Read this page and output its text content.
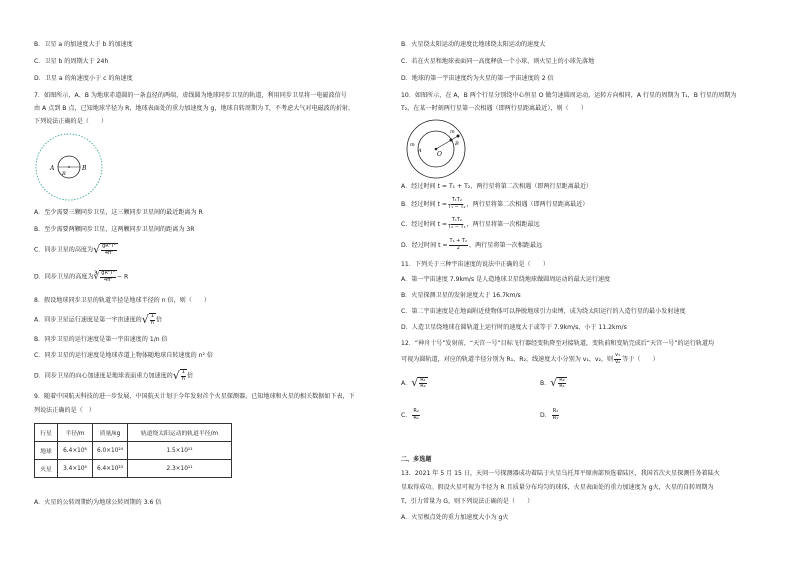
B．卫星 a 的加速度大于 b 的加速度
C．卫星 b 的周期大于 24h
D．卫星 a 的角速度小于 c 的角速度
7．如图所示，A、B 为地球赤道圆的一条直径的两端，虚线圆为地球同步卫星的轨道，利用同步卫星将一电磁波信号
由 A 点到 B 点，已知地球半径为 R，地球表面处的重力加速度为 g，地球自转周期为 T，不考虑大气对电磁波的折射，
下列说法正确的是（　　）
A	B
R
A．至少需要三颗同步卫星，这三颗同步卫星间的最近距离为 R
B．至少需要两颗同步卫星，这两颗同步卫星间的距离为 3R
C．同步卫星的高度为 √ $\frac{\text{gR²T²}}{\text{4π²}}$
D．同步卫星的高度为 ∛ $\frac{\text{gR²T²}}{\text{4π²}} - R$
8．假设地球同步卫星的轨道半径是地球半径的 n 倍，则（　　）
A．同步卫星运行速度是第一宇宙速度的 √ $\frac{1}{n}$ 倍
B．同步卫星的运行速度是第一宇宙速度的 1/n 倍
C．同步卫星的运行速度是地球赤道上物体随地球自转速度的 n² 倍
D．同步卫星的向心加速度是地球表面重力加速度的 √ $\frac{1}{n}$ 倍
9．随着中国航天科技的进一步发展，中国航天计划于今年发射首个火星探测器。已知地球和火星的相关数据如下表，下
列说法正确的是（　）
行星	半径/m	质量/kg	轨道绕太阳运动的轨道半径/m
地球	6.4×10⁶	6.0×10²⁴	1.5×10¹¹
火星	3.4×10⁶	6.4×10²³	2.3×10¹¹
A．火星的公转周期约为地球公转周期的 3.6 倍
B．火星绕太阳运动的速度比地球绕太阳运动的速度大
C．若在火星和地球表面同一高度释放一个小球，则火星上的小球先落地
D．地球的第一宇宙速度约为火星的第一宇宙速度的 2 倍
10．如图所示，在 A，B 两个行星分别绕中心恒星 O 做匀速圆周运动，运转方向相同，A 行星的周期为 T₁，B 行星的周期为
T₂，在某一时刻两行星第一次相遇（即两行星距离最近），则（　　）
O
A
m	B
m
A．经过时间 t = T₁ + T₂，两行星将第二次相遇（即两行星距离最近）
B．经过时间 $t = \frac{\text{T₁T₂}}{\text{T₁ − T₂}}$ ，两行星将第二次相遇（即两行星距离最近）
C．经过时间 $t = \frac{\text{T₁T₂}}{\text{T₂ − T₁}}$ ，两行星将第一次相距最远
D．经过时间 $t = \frac{\text{T₁ + T₂}}{2}$ ，两行星将第一次相距最远
11．下列关于三种宇宙速度的说法中正确的是（　　）
A．第一宇宙速度 7.9km/s 是人造地球卫星绕地球做圆周运动的最大运行速度
B．火星探测卫星的发射速度大于 16.7km/s
C．第二宇宙速度是在地面附近使物体可以挣脱地球引力束缚，成为绕太阳运行的人造行星的最小发射速度
D．人造卫星绕地球在圆轨道上运行时的速度大于或等于 7.9km/s、小于 11.2km/s
12．“神舟十号”发射前，“天宫一号”目标飞行器经变轨降至对接轨道，变轨前和变轨完成后“天宫一号”的运行轨道均
可视为圆轨道，对应的轨道半径分别为 R₁、R₂，线速度大小分别为 v₁、v₂，则 $\frac{\text{v₁}}{\text{v₂}}$ 等于（　　）
A． √ $\frac{\text{R₁}}{\text{R₂}}$	B． √ $\frac{\text{R₂}}{\text{R₁}}$
C． $\frac{\text{R₂}}{\text{R₁}}$	D． $\frac{\text{R₂}}{\text{R₁}}$
二、多选题
13．2021 年 5 月 15 日，天问一号探测器成功着陆于火星乌托邦平原南部预选着陆区，我国首次火星探测任务着陆火
星取得成功。假设火星可视为半径为 R 且质量分布均匀的球体，火星表面处的重力加速度为 g火，火星的自转周期为
T，引力常量为 G，则下列说法正确的是（　　）
A．火星极点处的重力加速度大小为 g火
